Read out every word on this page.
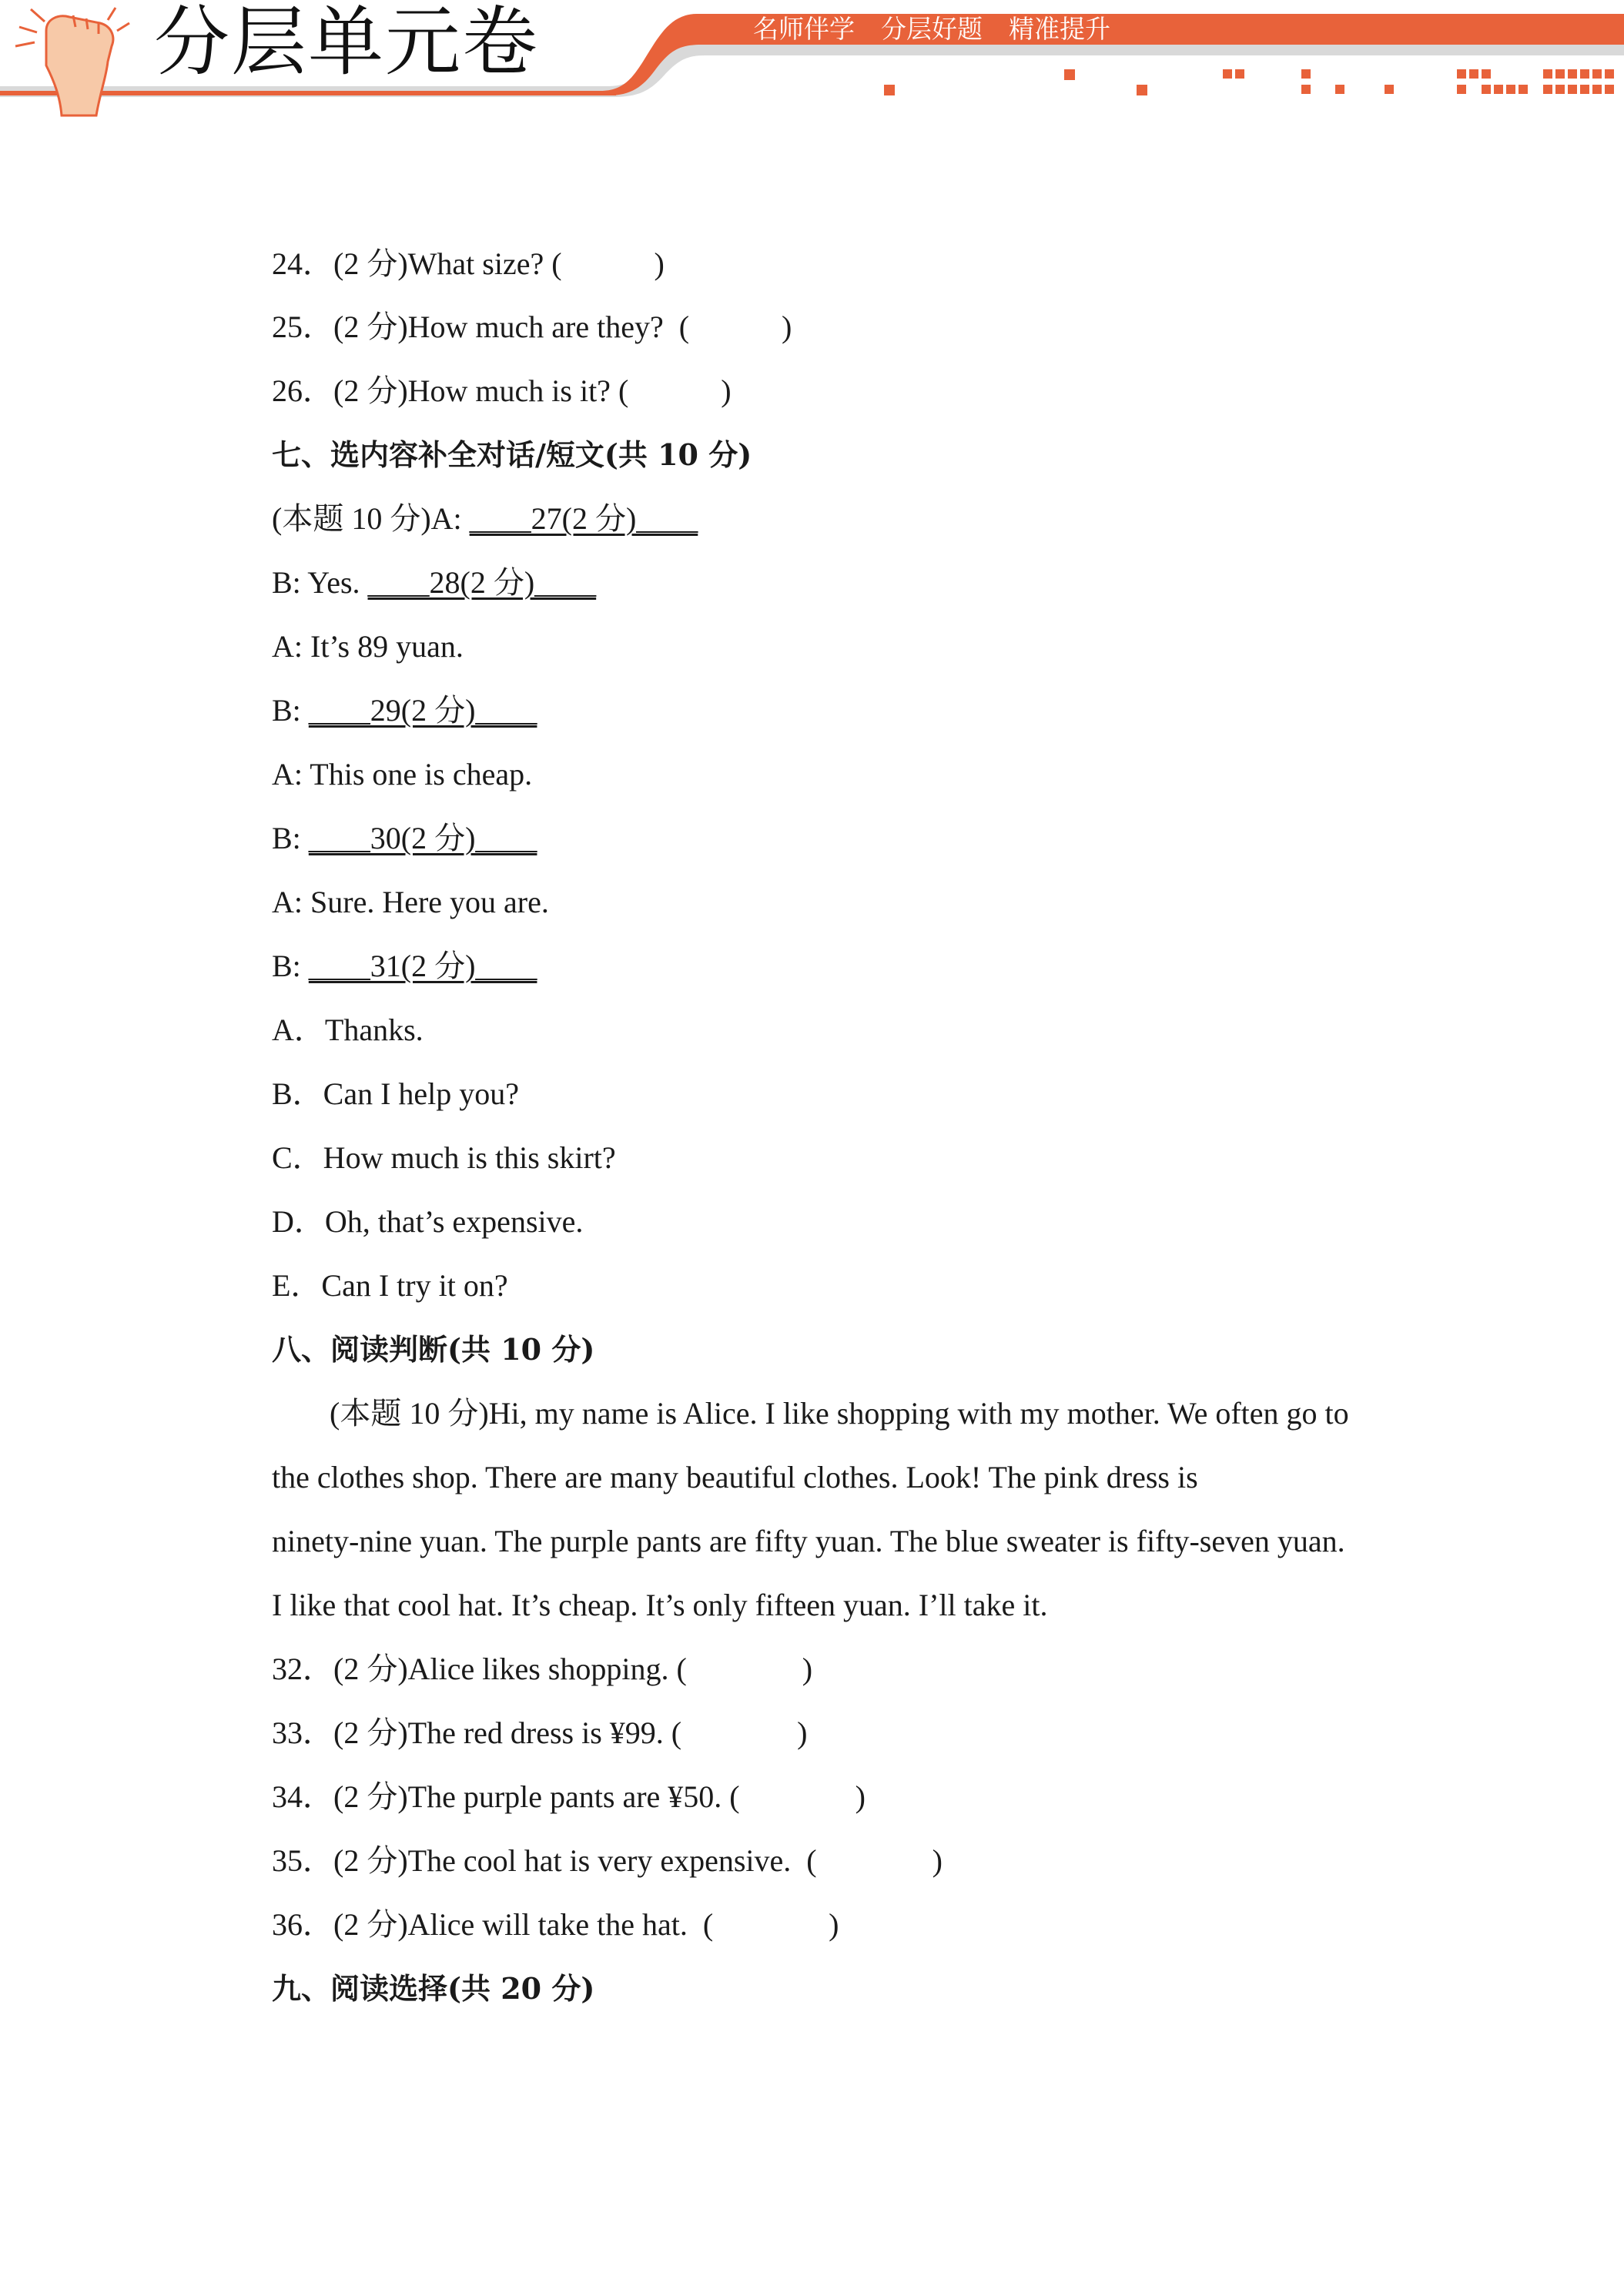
分层单元卷	名师伴学 分层好题 精准提升
24．(2 分)What size? (            )
25．(2 分)How much are they?  (            )
26．(2 分)How much is it? (            )
七、选内容补全对话/短文(共 10 分)
(本题 10 分)A: ____27(2 分)____
B: Yes. ____28(2 分)____
A: It’s 89 yuan.
B: ____29(2 分)____
A: This one is cheap.
B: ____30(2 分)____
A: Sure. Here you are.
B: ____31(2 分)____
A．Thanks.
B．Can I help you?
C．How much is this skirt?
D．Oh, that’s expensive.
E．Can I try it on?
八、阅读判断(共 10 分)
(本题 10 分)Hi, my name is Alice. I like shopping with my mother. We often go to
the clothes shop. There are many beautiful clothes. Look! The pink dress is
ninety-nine yuan. The purple pants are fifty yuan. The blue sweater is fifty-seven yuan.
I like that cool hat. It’s cheap. It’s only fifteen yuan. I’ll take it.
32．(2 分)Alice likes shopping. (               )
33．(2 分)The red dress is ¥99. (               )
34．(2 分)The purple pants are ¥50. (               )
35．(2 分)The cool hat is very expensive.  (               )
36．(2 分)Alice will take the hat.  (               )
九、阅读选择(共 20 分)
